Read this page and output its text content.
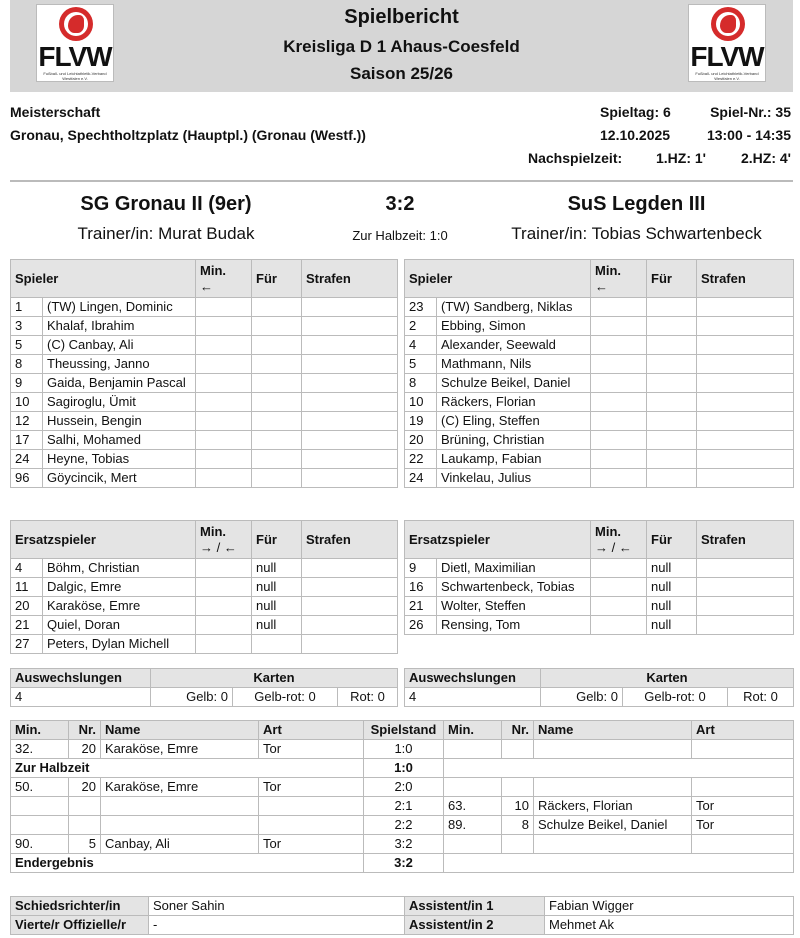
FLVW
Fußball- und Leichtathletik-Verband Westfalen e.V.
Spielbericht
Kreisliga D 1 Ahaus-Coesfeld
Saison 25/26
FLVW
Fußball- und Leichtathletik-Verband Westfalen e.V.
Meisterschaft
Gronau, Spechtholtzplatz (Hauptpl.) (Gronau (Westf.))
Spieltag: 6	Spiel-Nr.: 35
12.10.2025	13:00 - 14:35
Nachspielzeit: 1.HZ: 1' 2.HZ: 4'
SG Gronau II (9er)	3:2	SuS Legden III
Trainer/in: Murat Budak	Zur Halbzeit: 1:0	Trainer/in: Tobias Schwartenbeck
Spieler		Min.
←	Für	Strafen
1	(TW) Lingen, Dominic			
3	Khalaf, Ibrahim			
5	(C) Canbay, Ali			
8	Theussing, Janno			
9	Gaida, Benjamin Pascal			
10	Sagiroglu, Ümit			
12	Hussein, Bengin			
17	Salhi, Mohamed			
24	Heyne, Tobias			
96	Göycincik, Mert			
Spieler		Min.
←	Für	Strafen
23	(TW) Sandberg, Niklas			
2	Ebbing, Simon			
4	Alexander, Seewald			
5	Mathmann, Nils			
8	Schulze Beikel, Daniel			
10	Räckers, Florian			
19	(C) Eling, Steffen			
20	Brüning, Christian			
22	Laukamp, Fabian			
24	Vinkelau, Julius			
Ersatzspieler		Min.
→ / ←	Für	Strafen
4	Böhm, Christian		null	
11	Dalgic, Emre		null	
20	Karaköse, Emre		null	
21	Quiel, Doran		null	
27	Peters, Dylan Michell			
Ersatzspieler		Min.
→ / ←	Für	Strafen
9	Dietl, Maximilian		null	
16	Schwartenbeck, Tobias		null	
21	Wolter, Steffen		null	
26	Rensing, Tom		null	
Auswechslungen	Karten		
4	Gelb: 0	Gelb-rot: 0	Rot: 0
Auswechslungen	Karten		
4	Gelb: 0	Gelb-rot: 0	Rot: 0
Min.	Nr.	Name	Art	Spielstand	Min.	Nr.	Name	Art
32.	20	Karaköse, Emre	Tor	1:0				
Zur Halbzeit				1:0				
50.	20	Karaköse, Emre	Tor	2:0				
				2:1	63.	10	Räckers, Florian	Tor
				2:2	89.	8	Schulze Beikel, Daniel	Tor
90.	5	Canbay, Ali	Tor	3:2				
Endergebnis				3:2				
Schiedsrichter/in	Soner Sahin	Assistent/in 1	Fabian Wigger
Vierte/r Offizielle/r	-	Assistent/in 2	Mehmet Ak
